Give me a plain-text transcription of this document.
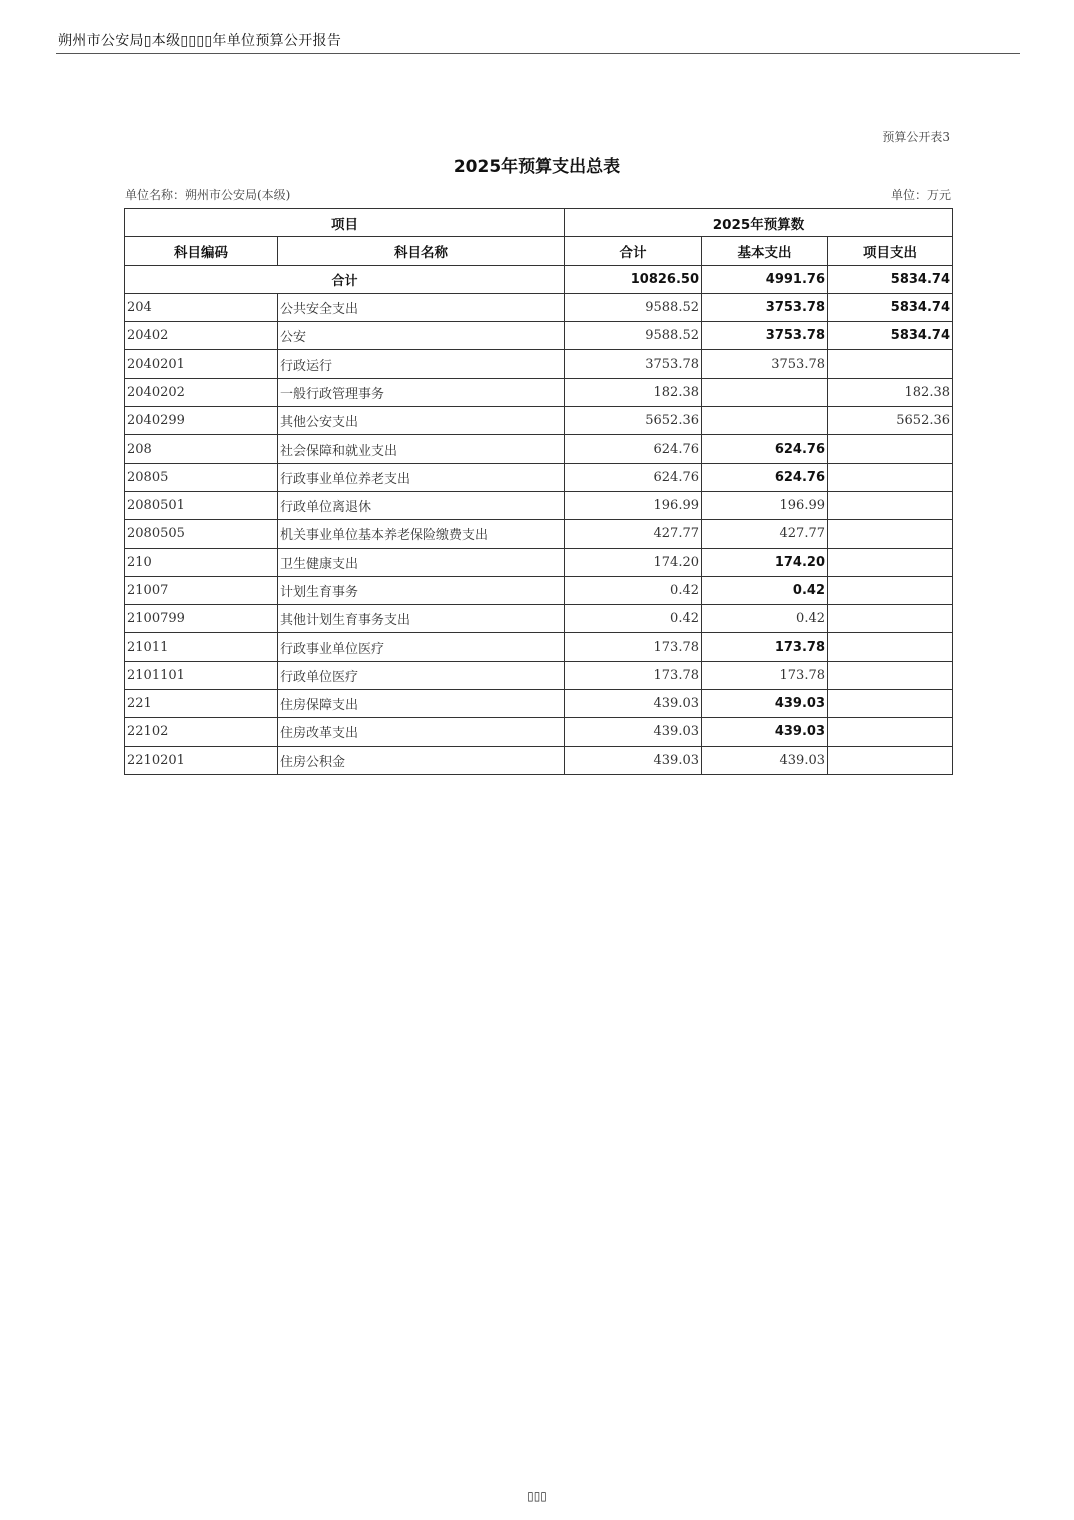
朔州市公安局▯本级▯▯▯▯年单位预算公开报告
预算公开表3
2025年预算支出总表
单位名称：朔州市公安局(本级)	单位：万元
项目		2025年预算数		
科目编码	科目名称	合计	基本支出	项目支出
合计		10826.50	4991.76	5834.74
204	公共安全支出	9588.52	3753.78	5834.74
20402	公安	9588.52	3753.78	5834.74
2040201	行政运行	3753.78	3753.78	
2040202	一般行政管理事务	182.38		182.38
2040299	其他公安支出	5652.36		5652.36
208	社会保障和就业支出	624.76	624.76	
20805	行政事业单位养老支出	624.76	624.76	
2080501	行政单位离退休	196.99	196.99	
2080505	机关事业单位基本养老保险缴费支出	427.77	427.77	
210	卫生健康支出	174.20	174.20	
21007	计划生育事务	0.42	0.42	
2100799	其他计划生育事务支出	0.42	0.42	
21011	行政事业单位医疗	173.78	173.78	
2101101	行政单位医疗	173.78	173.78	
221	住房保障支出	439.03	439.03	
22102	住房改革支出	439.03	439.03	
2210201	住房公积金	439.03	439.03	
▯▯▯
